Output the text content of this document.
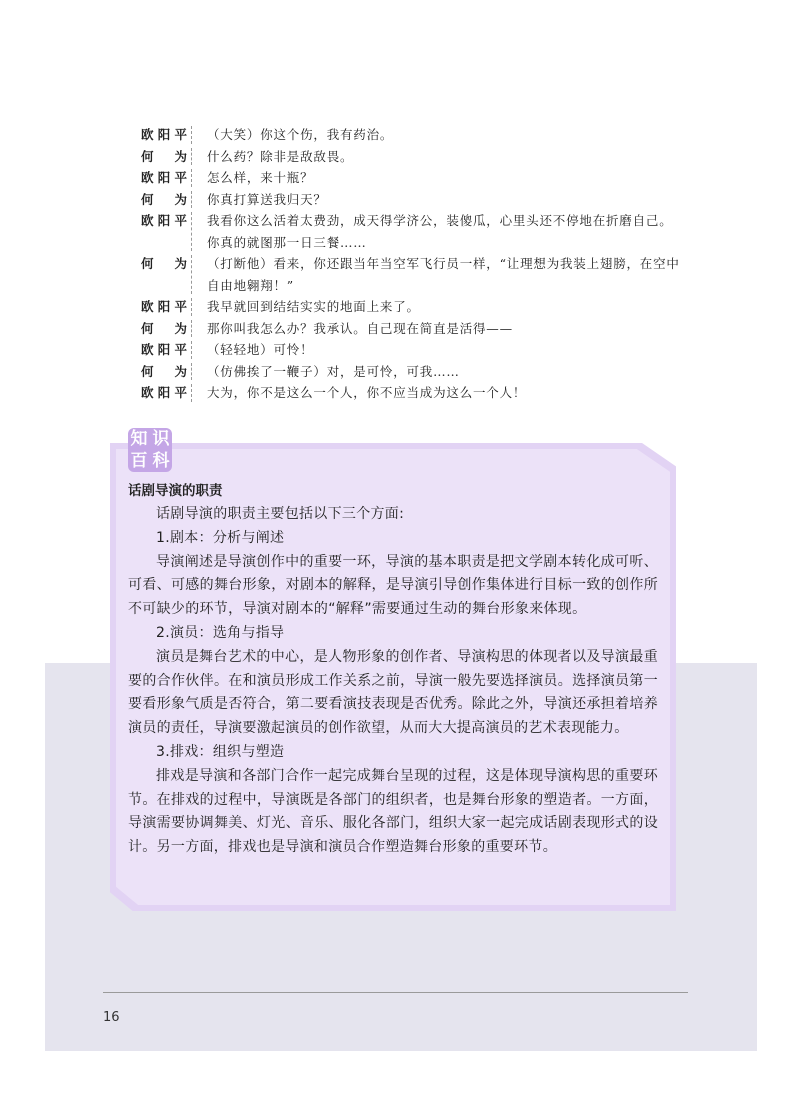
欧阳平 （大笑）你这个伤，我有药治。
何　为 什么药？除非是敌敌畏。
欧阳平 怎么样，来十瓶？
何　为 你真打算送我归天？
欧阳平 我看你这么活着太费劲，成天得学济公，装傻瓜，心里头还不停地在折磨自己。你真的就图那一日三餐……
何　为 （打断他）看来，你还跟当年当空军飞行员一样，“让理想为我装上翅膀，在空中自由地翱翔！”
欧阳平 我早就回到结结实实的地面上来了。
何　为 那你叫我怎么办？我承认。自己现在简直是活得——
欧阳平 （轻轻地）可怜！
何　为 （仿佛挨了一鞭子）对，是可怜，可我……
欧阳平 大为，你不是这么一个人，你不应当成为这么一个人！
知 识
百 科
话剧导演的职责

话剧导演的职责主要包括以下三个方面:

1.剧本：分析与阐述

导演阐述是导演创作中的重要一环，导演的基本职责是把文学剧本转化成可听、可看、可感的舞台形象，对剧本的解释，是导演引导创作集体进行目标一致的创作所不可缺少的环节，导演对剧本的“解释”需要通过生动的舞台形象来体现。

2.演员：选角与指导

演员是舞台艺术的中心，是人物形象的创作者、导演构思的体现者以及导演最重要的合作伙伴。在和演员形成工作关系之前，导演一般先要选择演员。选择演员第一要看形象气质是否符合，第二要看演技表现是否优秀。除此之外，导演还承担着培养演员的责任，导演要激起演员的创作欲望，从而大大提高演员的艺术表现能力。

3.排戏：组织与塑造

排戏是导演和各部门合作一起完成舞台呈现的过程，这是体现导演构思的重要环节。在排戏的过程中，导演既是各部门的组织者，也是舞台形象的塑造者。一方面，导演需要协调舞美、灯光、音乐、服化各部门，组织大家一起完成话剧表现形式的设计。另一方面，排戏也是导演和演员合作塑造舞台形象的重要环节。

16
